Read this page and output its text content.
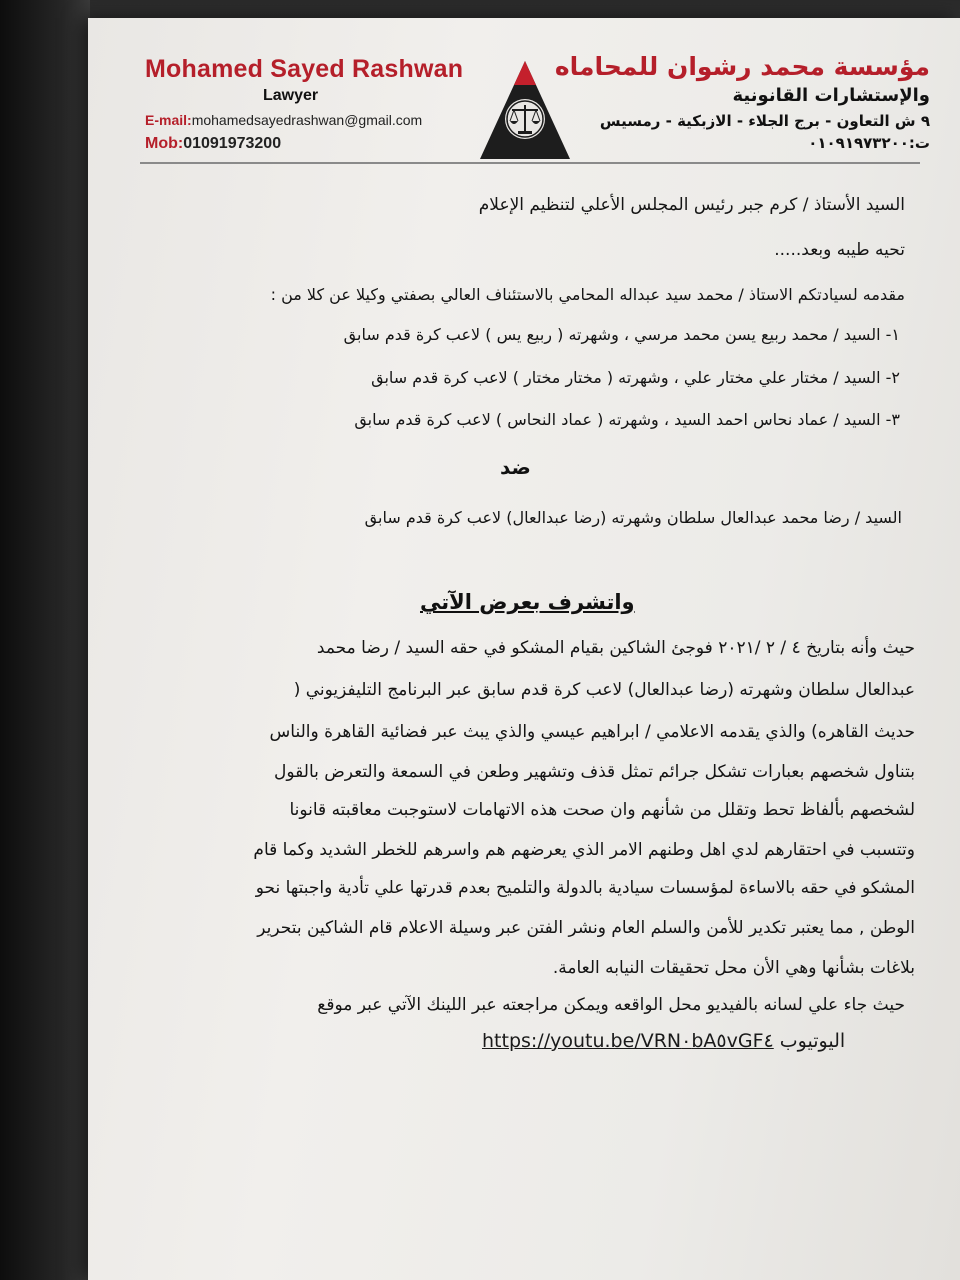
Mohamed Sayed Rashwan
Lawyer
E-mail:mohamedsayedrashwan@gmail.com
Mob:01091973200
مؤسسة محمد رشوان للمحاماه
والإستشارات القانونية
٩ ش التعاون - برج الجلاء - الازبكية - رمسيس
ت:٠١٠٩١٩٧٣٢٠٠
السيد الأستاذ / كرم جبر رئيس المجلس الأعلي لتنظيم الإعلام
تحيه طيبه وبعد.....
مقدمه لسيادتكم الاستاذ / محمد سيد عبداله المحامي بالاستئناف العالي بصفتي وكيلا عن كلا من :
١- السيد / محمد ربيع يسن محمد مرسي ، وشهرته ( ربيع يس ) لاعب كرة قدم سابق
٢- السيد / مختار علي مختار علي ، وشهرته ( مختار مختار ) لاعب كرة قدم سابق
٣- السيد / عماد نحاس احمد السيد ، وشهرته ( عماد النحاس ) لاعب كرة قدم سابق
ضد
السيد / رضا محمد عبدالعال سلطان وشهرته (رضا عبدالعال) لاعب كرة قدم سابق
واتشرف بعرض الآتي
حيث وأنه بتاريخ ٤ / ٢ /٢٠٢١ فوجئ الشاكين بقيام المشكو في حقه السيد / رضا محمد
عبدالعال سلطان وشهرته (رضا عبدالعال) لاعب كرة قدم سابق عبر البرنامج التليفزيوني (
حديث القاهره) والذي يقدمه الاعلامي / ابراهيم عيسي والذي يبث عبر فضائية القاهرة والناس
بتناول شخصهم بعبارات تشكل جرائم تمثل قذف وتشهير وطعن في السمعة والتعرض بالقول
لشخصهم بألفاظ تحط وتقلل من شأنهم وان صحت هذه الاتهامات لاستوجبت معاقبته قانونا
وتتسبب في احتقارهم لدي اهل وطنهم الامر الذي يعرضهم هم واسرهم للخطر الشديد وكما قام
المشكو في حقه بالاساءة لمؤسسات سيادية بالدولة والتلميح بعدم قدرتها علي تأدية واجبتها نحو
الوطن , مما يعتبر تكدير للأمن والسلم العام ونشر الفتن عبر وسيلة الاعلام قام الشاكين بتحرير
بلاغات بشأنها وهي الأن محل تحقيقات النيابه العامة.
حيث جاء علي لسانه بالفيديو محل الواقعه ويمكن مراجعته عبر اللينك الآتي عبر موقع
اليوتيوب https://youtu.be/VRN٠bA٥vGF٤
